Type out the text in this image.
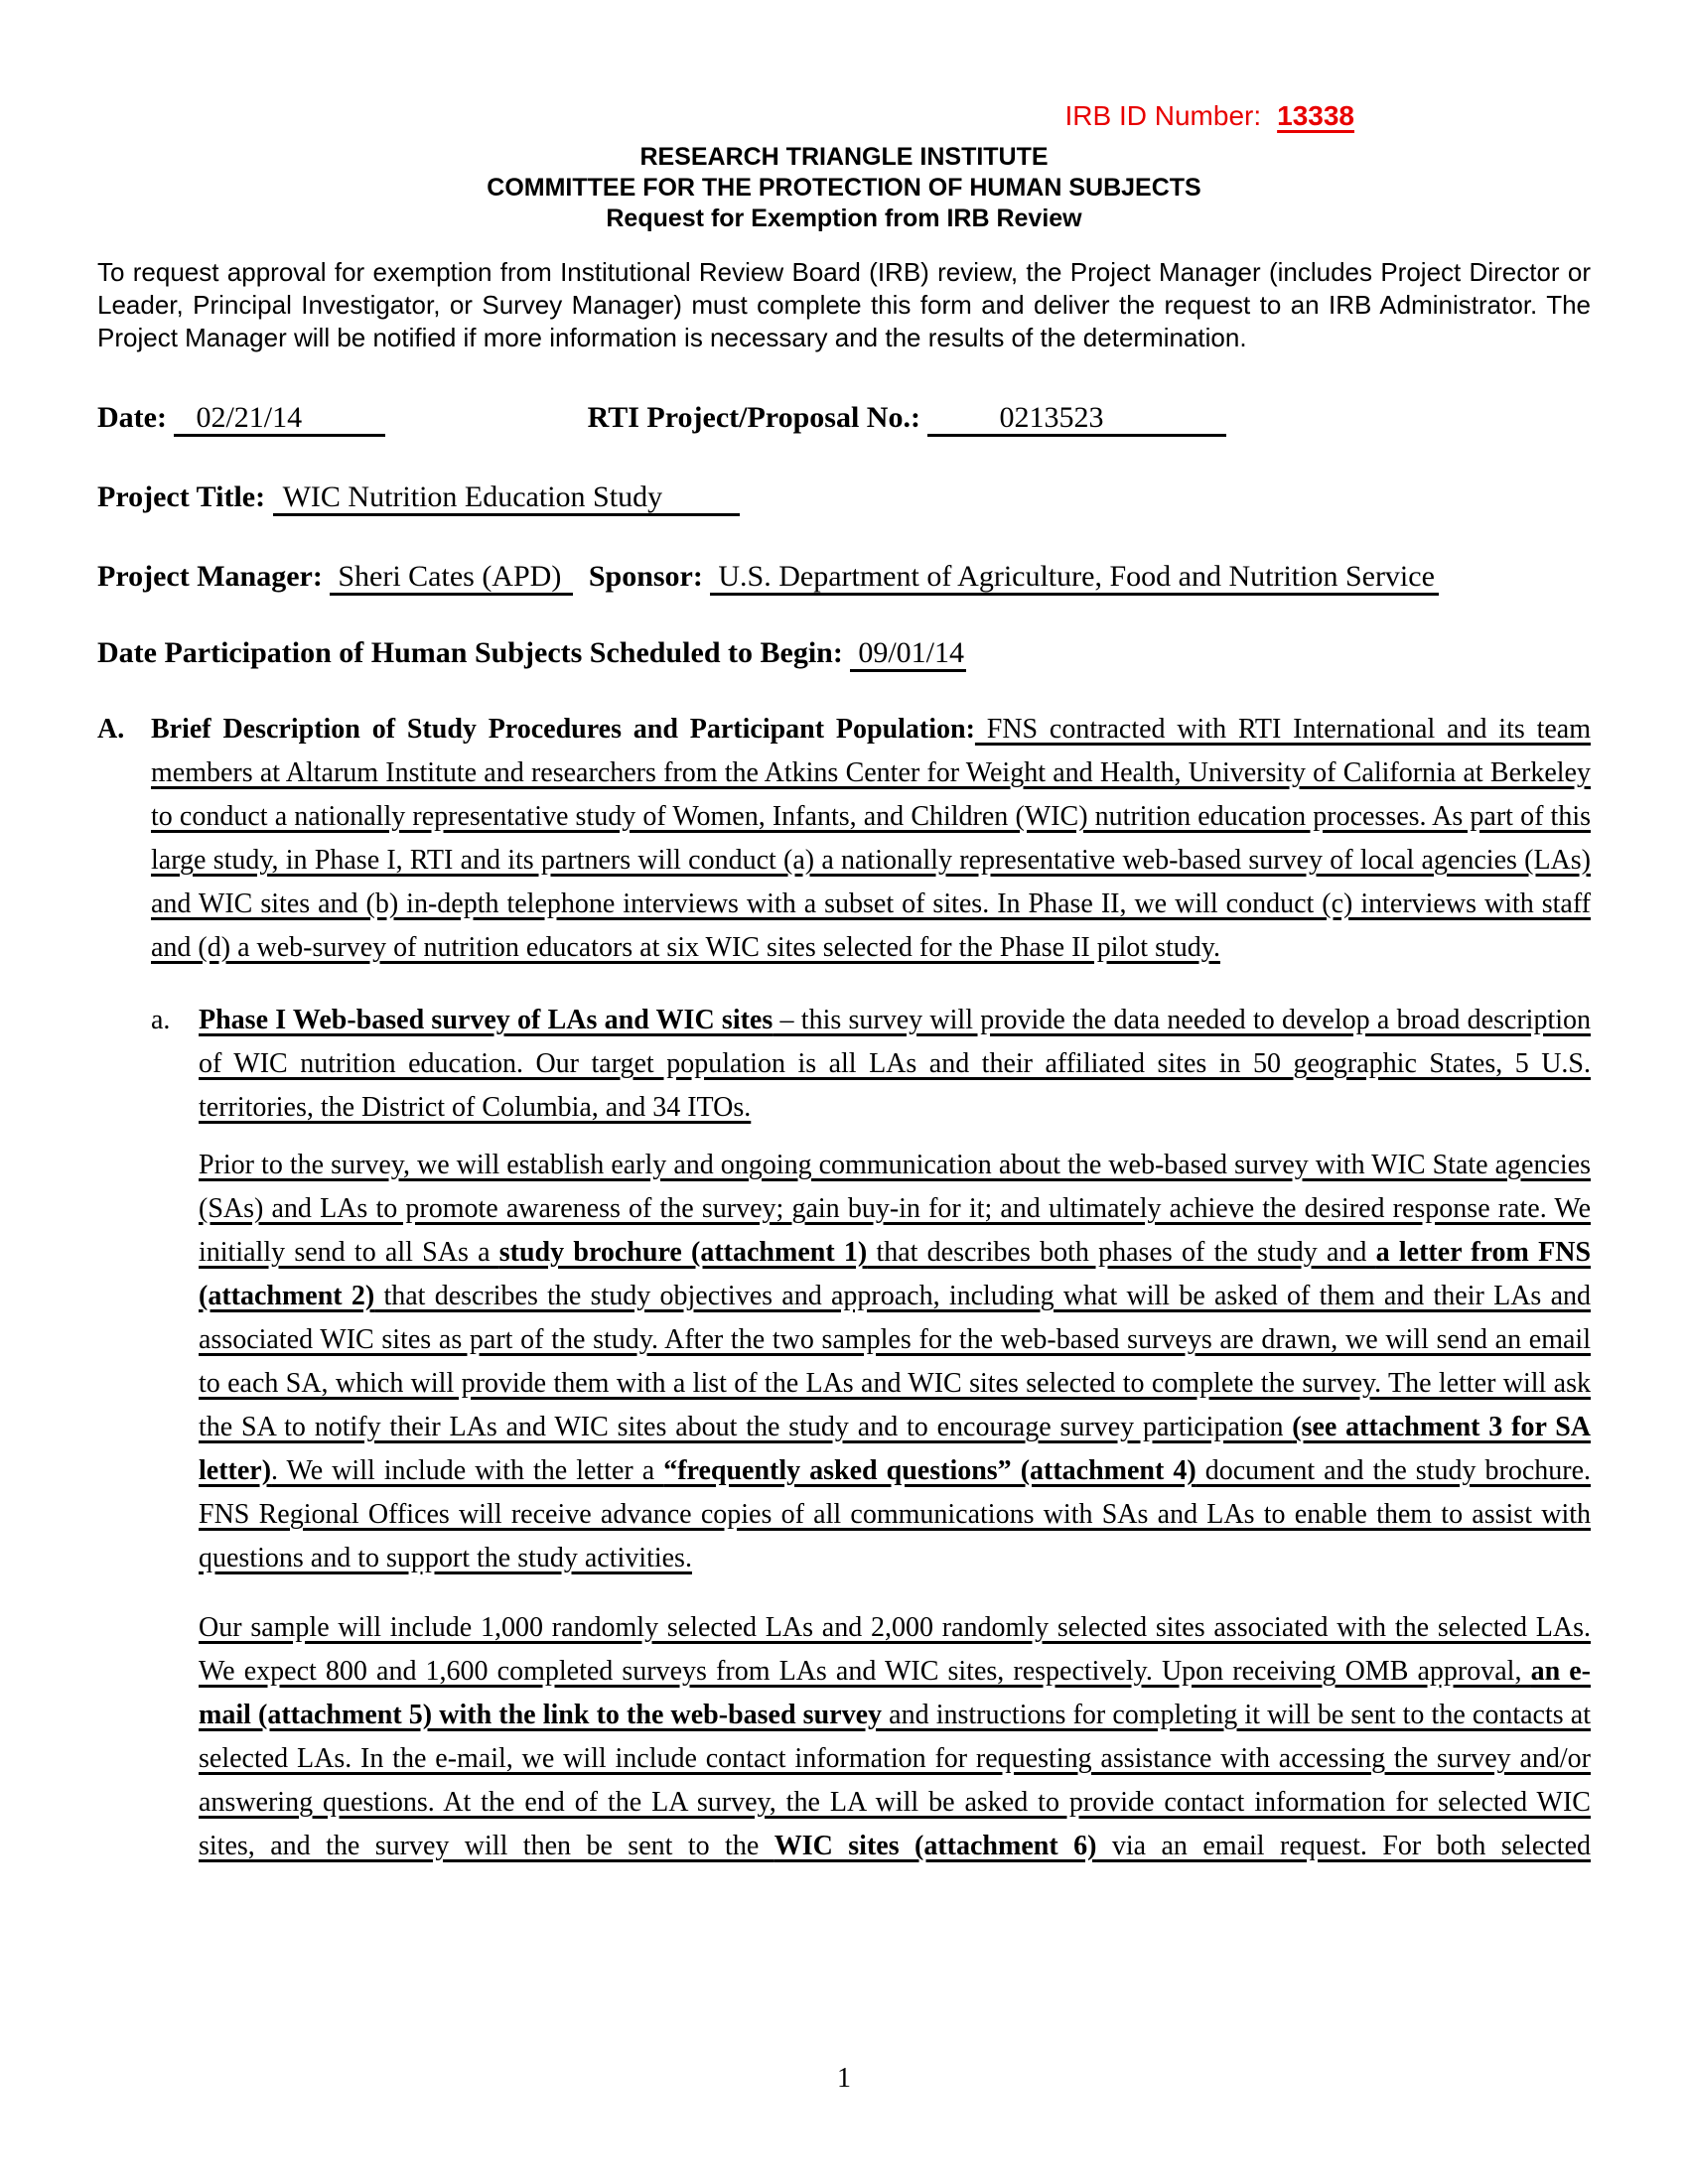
IRB ID Number: 13338
RESEARCH TRIANGLE INSTITUTE
COMMITTEE FOR THE PROTECTION OF HUMAN SUBJECTS
Request for Exemption from IRB Review

To request approval for exemption from Institutional Review Board (IRB) review, the Project Manager (includes Project Director or Leader, Principal Investigator, or Survey Manager) must complete this form and deliver the request to an IRB Administrator. The Project Manager will be notified if more information is necessary and the results of the determination.

Date: 02/21/14	RTI Project/Proposal No.:	0213523
Project Title: WIC Nutrition Education Study
Project Manager: Sheri Cates (APD) Sponsor: U.S. Department of Agriculture, Food and Nutrition Service
Date Participation of Human Subjects Scheduled to Begin: 09/01/14
A. Brief Description of Study Procedures and Participant Population: FNS contracted with RTI International and its team members at Altarum Institute and researchers from the Atkins Center for Weight and Health, University of California at Berkeley to conduct a nationally representative study of Women, Infants, and Children (WIC) nutrition education processes. As part of this large study, in Phase I, RTI and its partners will conduct (a) a nationally representative web-based survey of local agencies (LAs) and WIC sites and (b) in-depth telephone interviews with a subset of sites. In Phase II, we will conduct (c) interviews with staff and (d) a web-survey of nutrition educators at six WIC sites selected for the Phase II pilot study.

a. Phase I Web-based survey of LAs and WIC sites – this survey will provide the data needed to develop a broad description of WIC nutrition education. Our target population is all LAs and their affiliated sites in 50 geographic States, 5 U.S. territories, the District of Columbia, and 34 ITOs.

Prior to the survey, we will establish early and ongoing communication about the web-based survey with WIC State agencies (SAs) and LAs to promote awareness of the survey; gain buy-in for it; and ultimately achieve the desired response rate. We initially send to all SAs a study brochure (attachment 1) that describes both phases of the study and a letter from FNS (attachment 2) that describes the study objectives and approach, including what will be asked of them and their LAs and associated WIC sites as part of the study. After the two samples for the web-based surveys are drawn, we will send an email to each SA, which will provide them with a list of the LAs and WIC sites selected to complete the survey. The letter will ask the SA to notify their LAs and WIC sites about the study and to encourage survey participation (see attachment 3 for SA letter). We will include with the letter a “frequently asked questions” (attachment 4) document and the study brochure. FNS Regional Offices will receive advance copies of all communications with SAs and LAs to enable them to assist with questions and to support the study activities.

Our sample will include 1,000 randomly selected LAs and 2,000 randomly selected sites associated with the selected LAs. We expect 800 and 1,600 completed surveys from LAs and WIC sites, respectively. Upon receiving OMB approval, an e-mail (attachment 5) with the link to the web-based survey and instructions for completing it will be sent to the contacts at selected LAs. In the e-mail, we will include contact information for requesting assistance with accessing the survey and/or answering questions. At the end of the LA survey, the LA will be asked to provide contact information for selected WIC sites, and the survey will then be sent to the WIC sites (attachment 6) via an email request. For both selected

1
